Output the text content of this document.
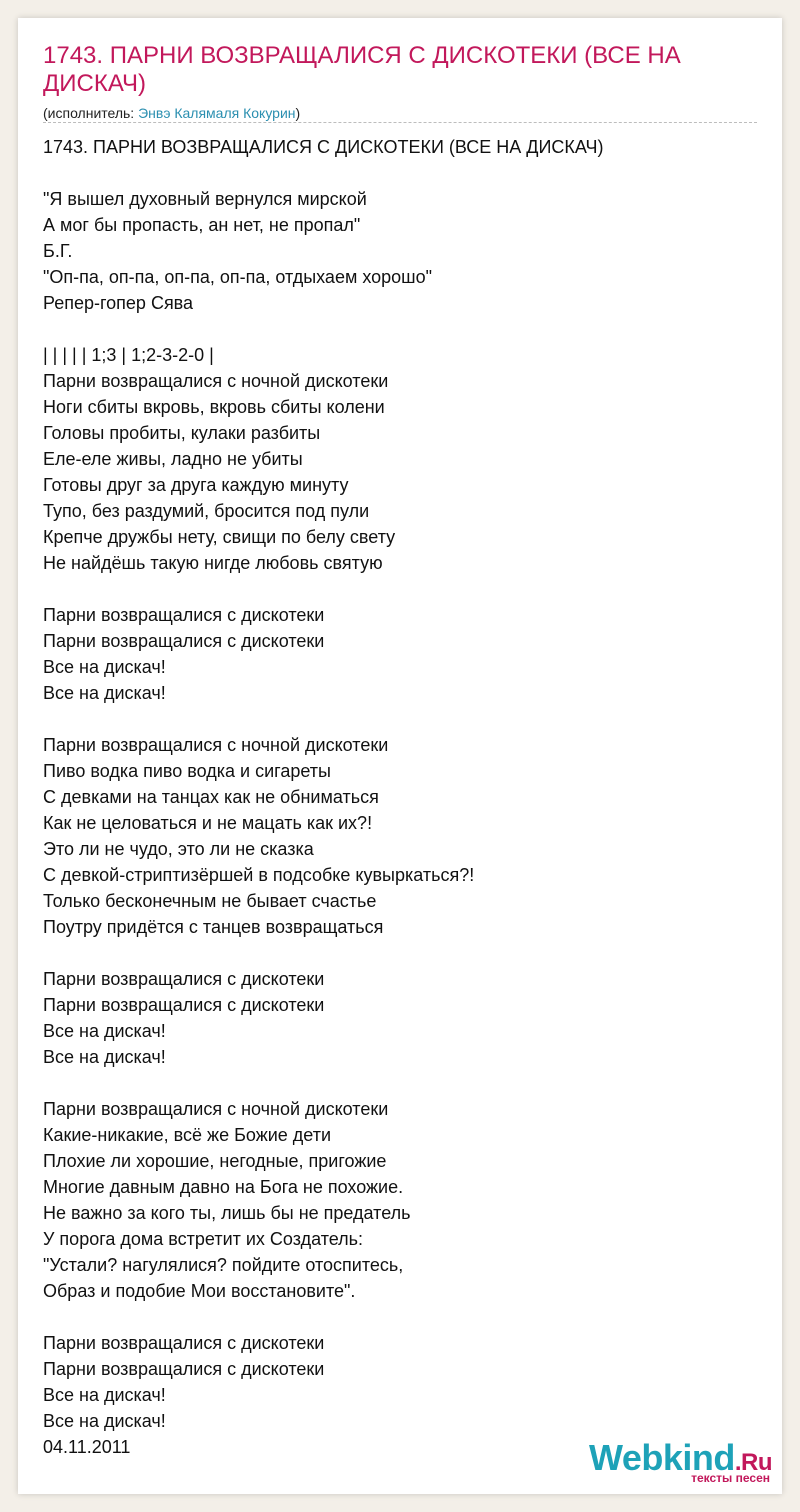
1743. ПАРНИ ВОЗВРАЩАЛИСЯ С ДИСКОТЕКИ (ВСЕ НА ДИСКАЧ)
(исполнитель: Энвэ Калямаля Кокурин)
1743. ПАРНИ ВОЗВРАЩАЛИСЯ С ДИСКОТЕКИ (ВСЕ НА ДИСКАЧ)

"Я вышел духовный вернулся мирской
А мог бы пропасть, ан нет, не пропал"
Б.Г.
"Оп-па, оп-па, оп-па, оп-па, отдыхаем хорошо"
Репер-гопер Сява

| | | | | 1;3 | 1;2-3-2-0 |
Парни возвращалися с ночной дискотеки
Ноги сбиты вкровь, вкровь сбиты колени
Головы пробиты, кулаки разбиты
Еле-еле живы, ладно не убиты
Готовы друг за друга каждую минуту
Тупо, без раздумий, бросится под пули
Крепче дружбы нету, свищи по белу свету
Не найдёшь такую нигде любовь святую

Парни возвращалися с дискотеки
Парни возвращалися с дискотеки
Все на дискач!
Все на дискач!

Парни возвращалися с ночной дискотеки
Пиво водка пиво водка и сигареты
С девками на танцах как не обниматься
Как не целоваться и не мацать как их?!
Это ли не чудо, это ли не сказка
С девкой-стриптизёршей в подсобке кувыркаться?!
Только бесконечным не бывает счастье
Поутру придётся с танцев возвращаться

Парни возвращалися с дискотеки
Парни возвращалися с дискотеки
Все на дискач!
Все на дискач!

Парни возвращалися с ночной дискотеки
Какие-никакие, всё же Божие дети
Плохие ли хорошие, негодные, пригожие
Многие давным давно на Бога не похожие.
Не важно за кого ты, лишь бы не предатель
У порога дома встретит их Создатель:
"Устали? нагулялися? пойдите отоспитесь,
Образ и подобие Мои восстановите".

Парни возвращалися с дискотеки
Парни возвращалися с дискотеки
Все на дискач!
Все на дискач!
04.11.2011	Webkind.Ru
тексты песен
